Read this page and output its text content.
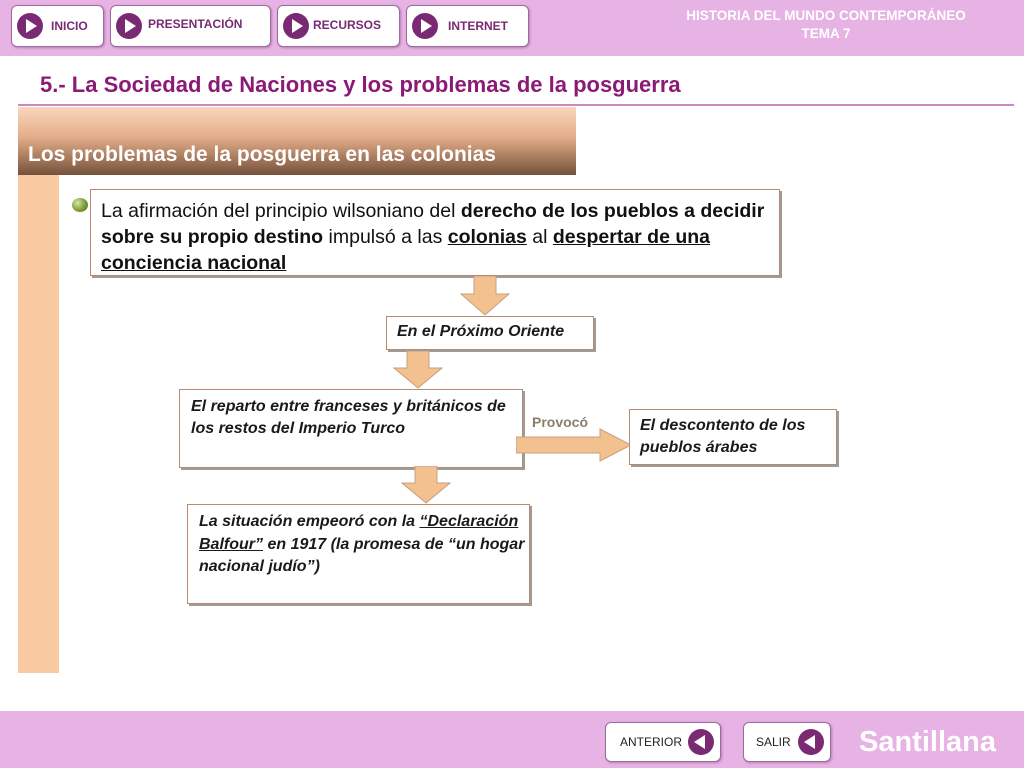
INICIO	PRESENTACIÓN	RECURSOS	INTERNET
HISTORIA DEL MUNDO CONTEMPORÁNEO
TEMA 7
5.- La Sociedad de Naciones y los problemas de la posguerra
Los problemas de la posguerra en las colonias

La afirmación del principio wilsoniano del derecho de los pueblos a decidir sobre su propio destino impulsó a las colonias al despertar de una conciencia nacional

En el Próximo Oriente

El reparto entre franceses y británicos de los restos del Imperio Turco	Provocó	El descontento de los pueblos árabes

La situación empeoró con la “Declaración Balfour” en 1917 (la promesa de “un hogar nacional judío”)

ANTERIOR	SALIR Santillana
